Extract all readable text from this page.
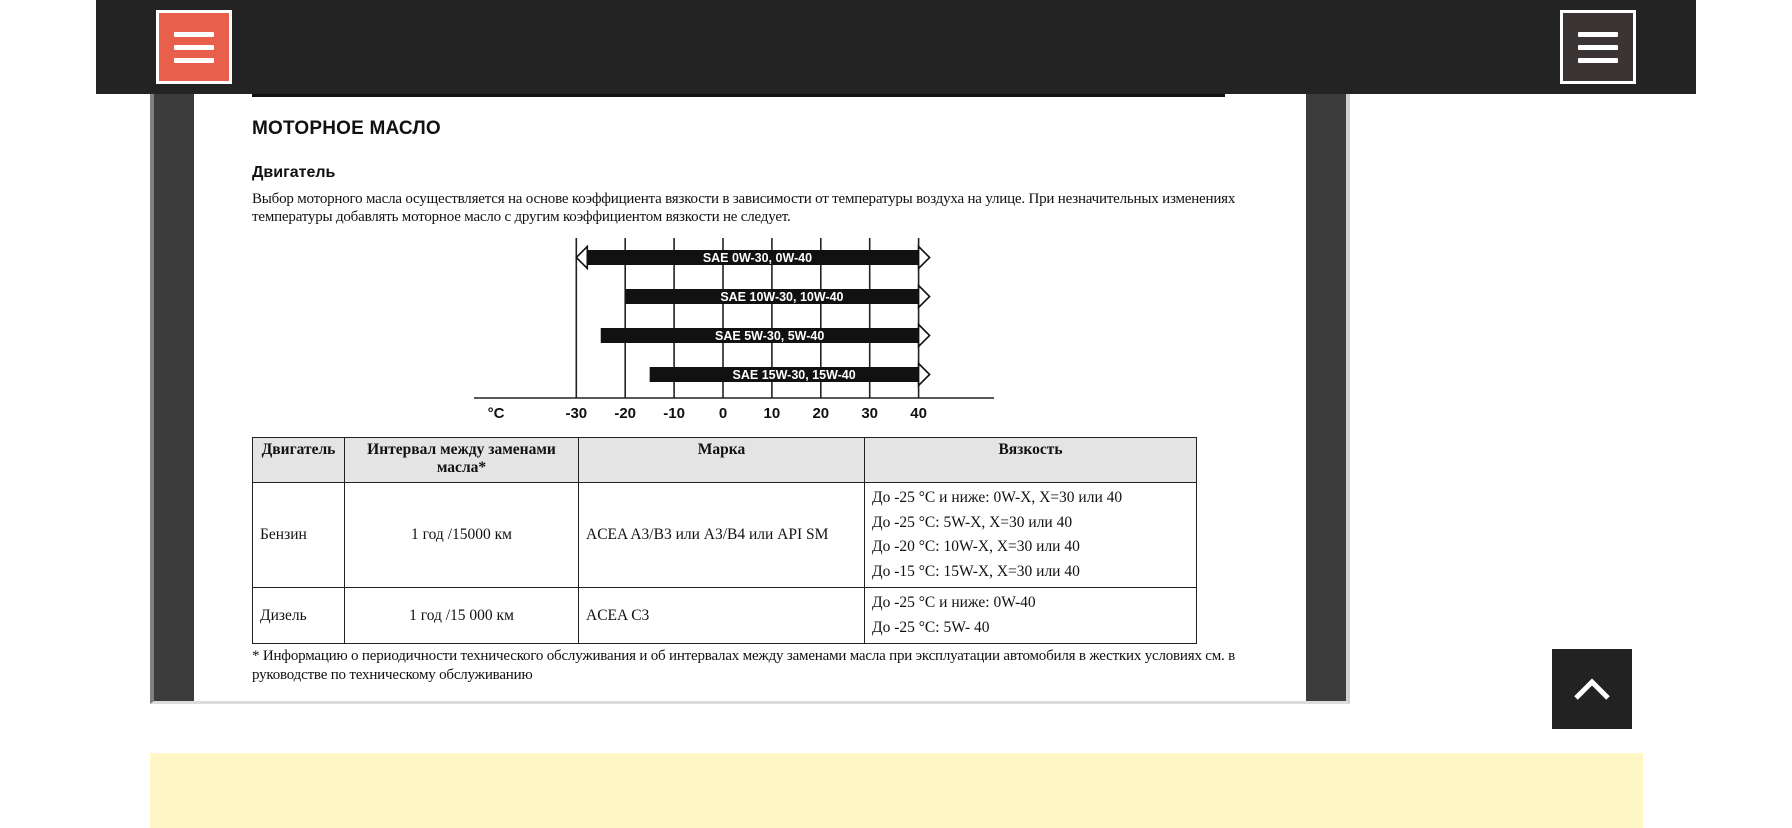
МОТОРНОЕ МАСЛО
Двигатель
Выбор моторного масла осуществляется на основе коэффициента вязкости в зависимости от температуры воздуха на улице. При незначительных изменениях температуры добавлять моторное масло с другим коэффициентом вязкости не следует.
SAE 0W-30, 0W-40
SAE 10W-30, 10W-40
SAE 5W-30, 5W-40
SAE 15W-30, 15W-40
°C	-30 -20 -10 0 10 20 30 40
Двигатель	Интервал между заменами масла*	Марка	Вязкость
Бензин	1 год /15000 км	ACEA A3/B3 или A3/B4 или API SM	До -25 °C и ниже: 0W-X, X=30 или 40
До -25 °C: 5W-X, X=30 или 40
До -20 °C: 10W-X, X=30 или 40
До -15 °C: 15W-X, X=30 или 40

Дизель	1 год /15 000 км	ACEA C3	До -25 °C и ниже: 0W-40
До -25 °C: 5W- 40
* Информацию о периодичности технического обслуживания и об интервалах между заменами масла при эксплуатации автомобиля в жестких условиях см. в руководстве по техническому обслуживанию
